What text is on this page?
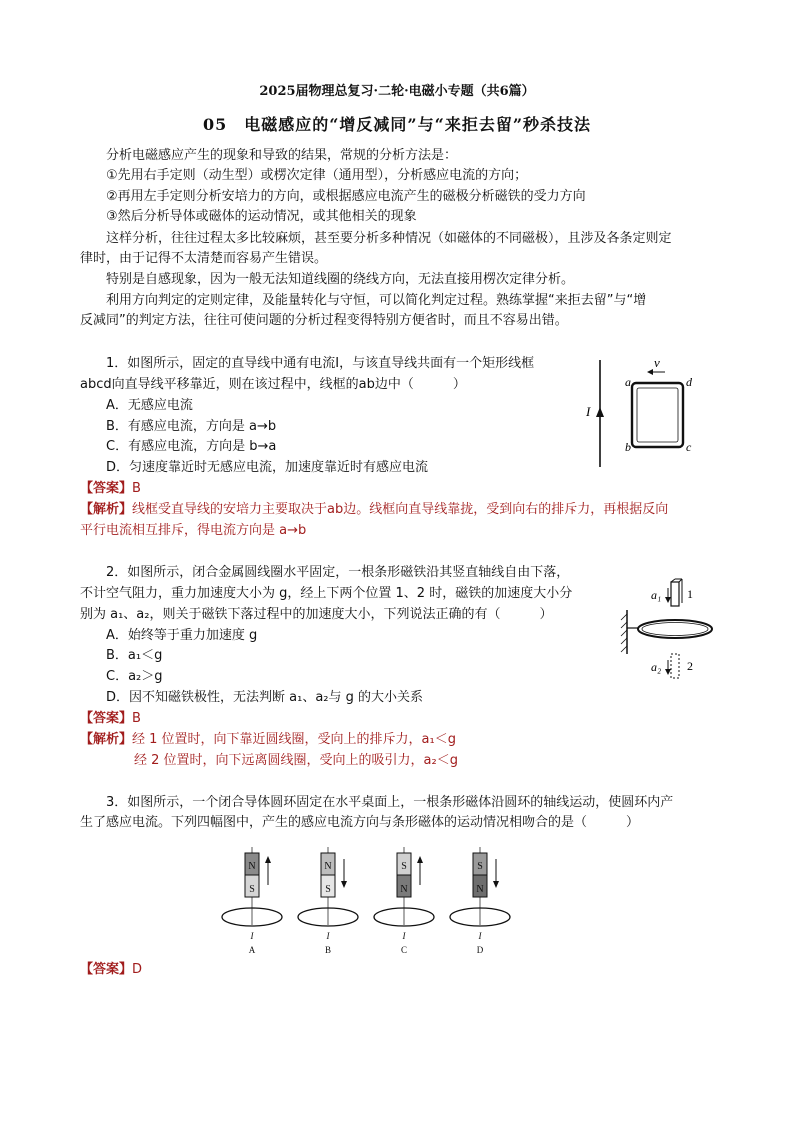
2025届物理总复习·二轮·电磁小专题（共6篇）
05　电磁感应的“增反减同”与“来拒去留”秒杀技法
分析电磁感应产生的现象和导致的结果，常规的分析方法是：
①先用右手定则（动生型）或楞次定律（通用型），分析感应电流的方向；
②再用左手定则分析安培力的方向，或根据感应电流产生的磁极分析磁铁的受力方向
③然后分析导体或磁体的运动情况，或其他相关的现象
这样分析，往往过程太多比较麻烦，甚至要分析多种情况（如磁体的不同磁极），且涉及各条定则定
律时，由于记得不太清楚而容易产生错误。
特别是自感现象，因为一般无法知道线圈的绕线方向，无法直接用楞次定律分析。
利用方向判定的定则定律，及能量转化与守恒，可以简化判定过程。熟练掌握“来拒去留”与“增
反减同”的判定方法，往往可使问题的分析过程变得特别方便省时，而且不容易出错。
1．如图所示，固定的直导线中通有电流I，与该直导线共面有一个矩形线框
abcd向直导线平移靠近，则在该过程中，线框的ab边中（　　　）
A．无感应电流
B．有感应电流，方向是 a→b
C．有感应电流，方向是 b→a
D．匀速度靠近时无感应电流，加速度靠近时有感应电流
【答案】B
【解析】线框受直导线的安培力主要取决于ab边。线框向直导线靠拢，受到向右的排斥力，再根据反向
平行电流相互排斥，得电流方向是 a→b
I
v
a	d
b	c
2．如图所示，闭合金属圆线圈水平固定，一根条形磁铁沿其竖直轴线自由下落，
不计空气阻力，重力加速度大小为 g，经上下两个位置 1、2 时，磁铁的加速度大小分
别为 a₁、a₂，则关于磁铁下落过程中的加速度大小，下列说法正确的有（　　　）
A．始终等于重力加速度 g
B．a₁＜g
C．a₂＞g
D．因不知磁铁极性，无法判断 a₁、a₂与 g 的大小关系
【答案】B
【解析】经 1 位置时，向下靠近圆线圈，受向上的排斥力，a₁＜g
经 2 位置时，向下远离圆线圈，受向上的吸引力，a₂＜g
a₁ 1
a₂ 2
3．如图所示，一个闭合导体圆环固定在水平桌面上，一根条形磁体沿圆环的轴线运动，使圆环内产
生了感应电流。下列四幅图中，产生的感应电流方向与条形磁体的运动情况相吻合的是（　　　）
N
S
I
A
N
S
I
B
S
N
I
C
S
N
I
D
【答案】D
